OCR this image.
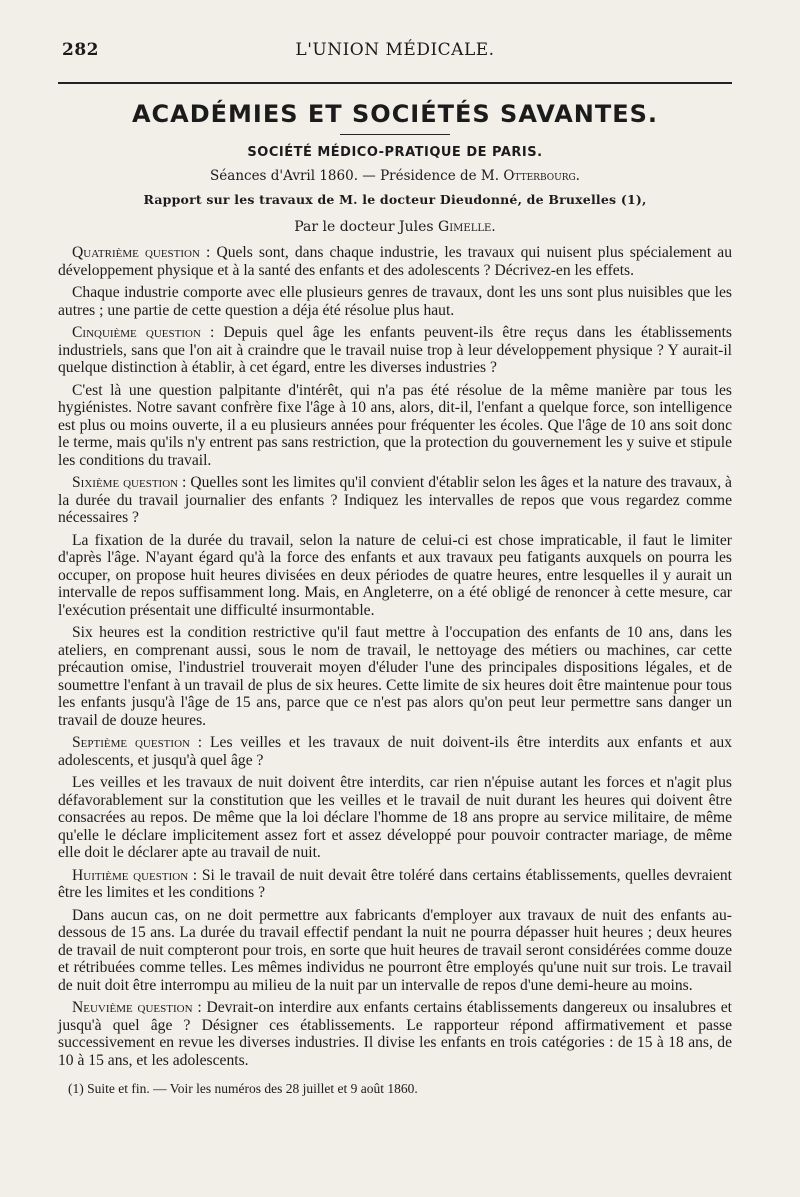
282	L'UNION MÉDICALE.
ACADÉMIES ET SOCIÉTÉS SAVANTES.
SOCIÉTÉ MÉDICO-PRATIQUE DE PARIS.
Séances d'Avril 1860. — Présidence de M. Otterbourg.
Rapport sur les travaux de M. le docteur Dieudonné, de Bruxelles (1),
Par le docteur Jules Gimelle.

Quatrième question : Quels sont, dans chaque industrie, les travaux qui nuisent plus spécialement au développement physique et à la santé des enfants et des adolescents ? Décrivez-en les effets.

Chaque industrie comporte avec elle plusieurs genres de travaux, dont les uns sont plus nuisibles que les autres ; une partie de cette question a déja été résolue plus haut.

Cinquième question : Depuis quel âge les enfants peuvent-ils être reçus dans les établissements industriels, sans que l'on ait à craindre que le travail nuise trop à leur développement physique ? Y aurait-il quelque distinction à établir, à cet égard, entre les diverses industries ?

C'est là une question palpitante d'intérêt, qui n'a pas été résolue de la même manière par tous les hygiénistes. Notre savant confrère fixe l'âge à 10 ans, alors, dit-il, l'enfant a quelque force, son intelligence est plus ou moins ouverte, il a eu plusieurs années pour fréquenter les écoles. Que l'âge de 10 ans soit donc le terme, mais qu'ils n'y entrent pas sans restriction, que la protection du gouvernement les y suive et stipule les conditions du travail.

Sixième question : Quelles sont les limites qu'il convient d'établir selon les âges et la nature des travaux, à la durée du travail journalier des enfants ? Indiquez les intervalles de repos que vous regardez comme nécessaires ?

La fixation de la durée du travail, selon la nature de celui-ci est chose impraticable, il faut le limiter d'après l'âge. N'ayant égard qu'à la force des enfants et aux travaux peu fatigants auxquels on pourra les occuper, on propose huit heures divisées en deux périodes de quatre heures, entre lesquelles il y aurait un intervalle de repos suffisamment long. Mais, en Angleterre, on a été obligé de renoncer à cette mesure, car l'exécution présentait une difficulté insurmontable.

Six heures est la condition restrictive qu'il faut mettre à l'occupation des enfants de 10 ans, dans les ateliers, en comprenant aussi, sous le nom de travail, le nettoyage des métiers ou machines, car cette précaution omise, l'industriel trouverait moyen d'éluder l'une des principales dispositions légales, et de soumettre l'enfant à un travail de plus de six heures. Cette limite de six heures doit être maintenue pour tous les enfants jusqu'à l'âge de 15 ans, parce que ce n'est pas alors qu'on peut leur permettre sans danger un travail de douze heures.

Septième question : Les veilles et les travaux de nuit doivent-ils être interdits aux enfants et aux adolescents, et jusqu'à quel âge ?

Les veilles et les travaux de nuit doivent être interdits, car rien n'épuise autant les forces et n'agit plus défavorablement sur la constitution que les veilles et le travail de nuit durant les heures qui doivent être consacrées au repos. De même que la loi déclare l'homme de 18 ans propre au service militaire, de même qu'elle le déclare implicitement assez fort et assez développé pour pouvoir contracter mariage, de même elle doit le déclarer apte au travail de nuit.

Huitième question : Si le travail de nuit devait être toléré dans certains établissements, quelles devraient être les limites et les conditions ?

Dans aucun cas, on ne doit permettre aux fabricants d'employer aux travaux de nuit des enfants au-dessous de 15 ans. La durée du travail effectif pendant la nuit ne pourra dépasser huit heures ; deux heures de travail de nuit compteront pour trois, en sorte que huit heures de travail seront considérées comme douze et rétribuées comme telles. Les mêmes individus ne pourront être employés qu'une nuit sur trois. Le travail de nuit doit être interrompu au milieu de la nuit par un intervalle de repos d'une demi-heure au moins.

Neuvième question : Devrait-on interdire aux enfants certains établissements dangereux ou insalubres et jusqu'à quel âge ? Désigner ces établissements. Le rapporteur répond affirmativement et passe successivement en revue les diverses industries. Il divise les enfants en trois catégories : de 15 à 18 ans, de 10 à 15 ans, et les adolescents.

(1) Suite et fin. — Voir les numéros des 28 juillet et 9 août 1860.
